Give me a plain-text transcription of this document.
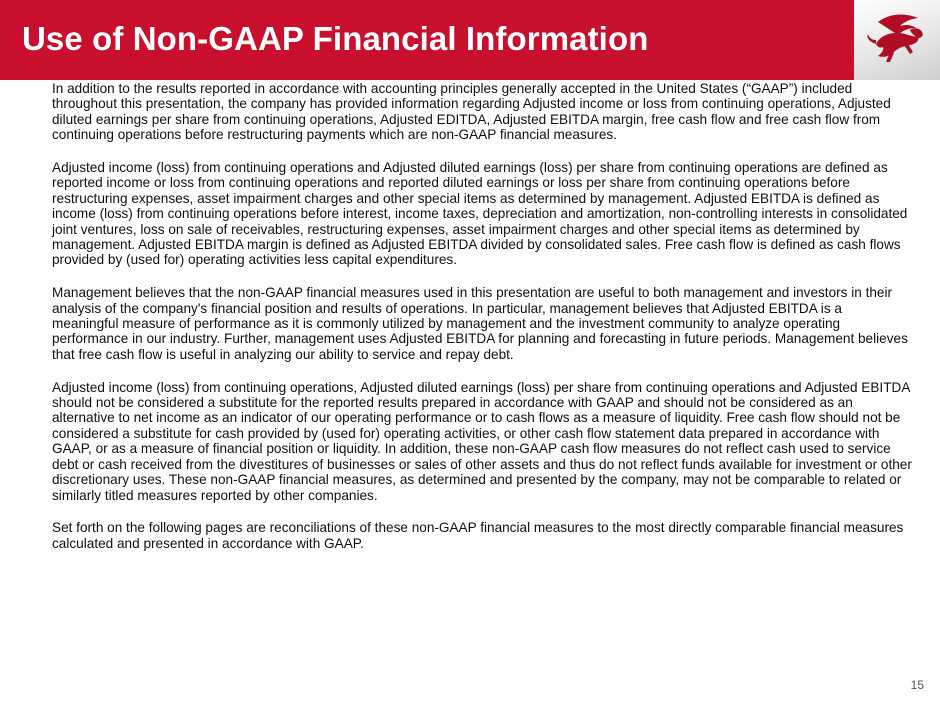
Use of Non-GAAP Financial Information

In addition to the results reported in accordance with accounting principles generally accepted in the United States (“GAAP”) included throughout this presentation, the company has provided information regarding Adjusted income or loss from continuing operations, Adjusted diluted earnings per share from continuing operations, Adjusted EDITDA, Adjusted EBITDA margin, free cash flow and free cash flow from continuing operations before restructuring payments which are non-GAAP financial measures.

Adjusted income (loss) from continuing operations and Adjusted diluted earnings (loss) per share from continuing operations are defined as reported income or loss from continuing operations and reported diluted earnings or loss per share from continuing operations before restructuring expenses, asset impairment charges and other special items as determined by management. Adjusted EBITDA is defined as income (loss) from continuing operations before interest, income taxes, depreciation and amortization, non-controlling interests in consolidated joint ventures, loss on sale of receivables, restructuring expenses, asset impairment charges and other special items as determined by management. Adjusted EBITDA margin is defined as Adjusted EBITDA divided by consolidated sales. Free cash flow is defined as cash flows provided by (used for) operating activities less capital expenditures.

Management believes that the non-GAAP financial measures used in this presentation are useful to both management and investors in their analysis of the company's financial position and results of operations. In particular, management believes that Adjusted EBITDA is a meaningful measure of performance as it is commonly utilized by management and the investment community to analyze operating performance in our industry. Further, management uses Adjusted EBITDA for planning and forecasting in future periods. Management believes that free cash flow is useful in analyzing our ability to service and repay debt.

Adjusted income (loss) from continuing operations, Adjusted diluted earnings (loss) per share from continuing operations and Adjusted EBITDA should not be considered a substitute for the reported results prepared in accordance with GAAP and should not be considered as an alternative to net income as an indicator of our operating performance or to cash flows as a measure of liquidity. Free cash flow should not be considered a substitute for cash provided by (used for) operating activities, or other cash flow statement data prepared in accordance with GAAP, or as a measure of financial position or liquidity. In addition, these non-GAAP cash flow measures do not reflect cash used to service debt or cash received from the divestitures of businesses or sales of other assets and thus do not reflect funds available for investment or other discretionary uses. These non-GAAP financial measures, as determined and presented by the company, may not be comparable to related or similarly titled measures reported by other companies.

Set forth on the following pages are reconciliations of these non-GAAP financial measures to the most directly comparable financial measures calculated and presented in accordance with GAAP.

15
